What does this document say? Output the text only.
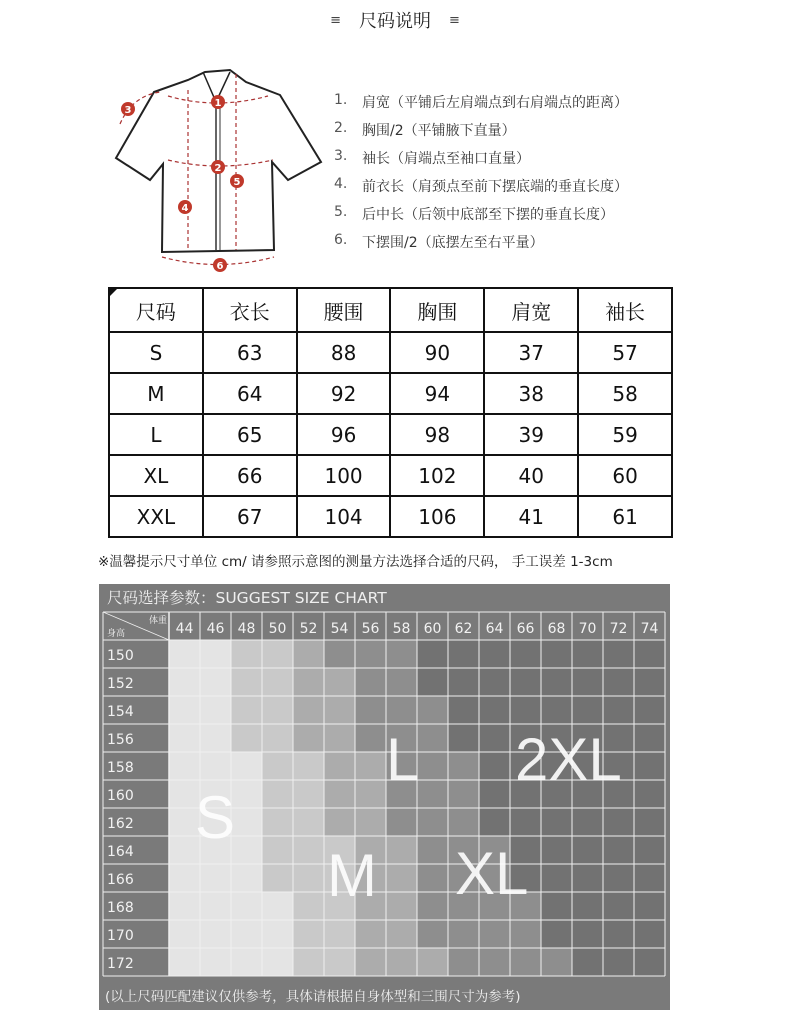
≡ 尺码说明 ≡
1
2
3
4
5
6
1.	肩宽（平铺后左肩端点到右肩端点的距离）
2.	胸围/2（平铺腋下直量）
3.	袖长（肩端点至袖口直量）
4.	前衣长（肩颈点至前下摆底端的垂直长度）
5.	后中长（后领中底部至下摆的垂直长度）
6.	下摆围/2（底摆左至右平量）
尺码	衣长	腰围	胸围	肩宽	袖长
S	63	88	90	37	57
M	64	92	94	38	58
L	65	96	98	39	59
XL	66	100	102	40	60
XXL	67	104	106	41	61
※温馨提示尺寸单位 cm/ 请参照示意图的测量方法选择合适的尺码， 手工误差 1-3cm
体重
身高	44 46 48 50 52 54 56 58 60 62 64 66 68 70 72 74
150
152
154
156
158
160
162
164
166
168
170
172
S
M
L
XL
2XL
尺码选择参数：SUGGEST SIZE CHART
(以上尺码匹配建议仅供参考，具体请根据自身体型和三围尺寸为参考)
